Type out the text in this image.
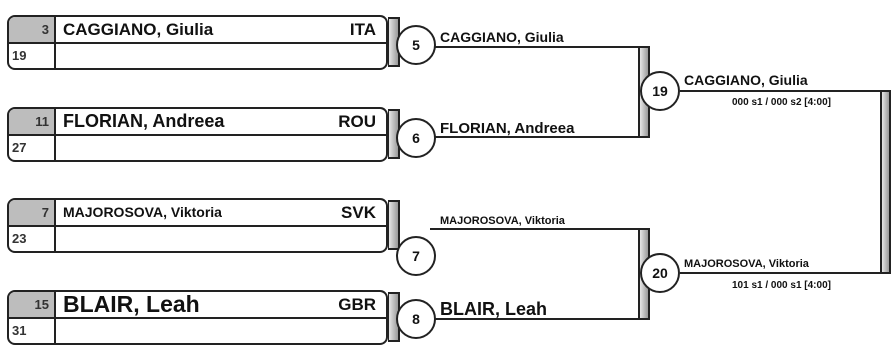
3
19
CAGGIANO, Giulia	ITA
11
27
FLORIAN, Andreea	ROU
7
23
MAJOROSOVA, Viktoria	SVK
15
31
BLAIR, Leah	GBR
5
6
7
8
CAGGIANO, Giulia
FLORIAN, Andreea
MAJOROSOVA, Viktoria
BLAIR, Leah
19
20
CAGGIANO, Giulia
MAJOROSOVA, Viktoria
000 s1 / 000 s2 [4:00]
101 s1 / 000 s1 [4:00]
